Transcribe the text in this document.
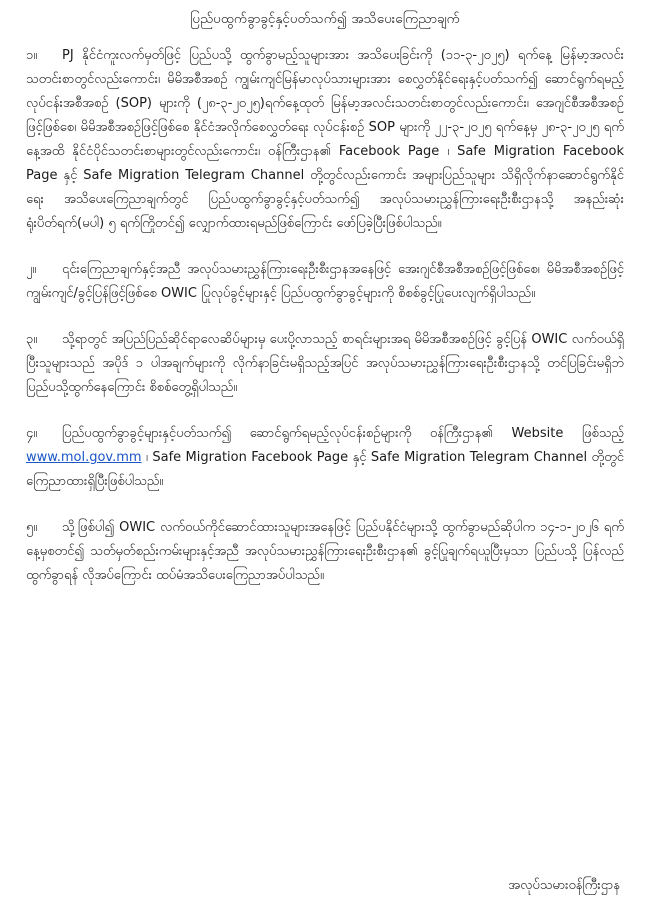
ပြည်ပထွက်ခွာခွင့်နှင့်ပတ်သက်၍ အသိပေးကြေညာချက်

၁။ PJ နိုင်ငံကူးလက်မှတ်ဖြင့် ပြည်ပသို့ ထွက်ခွာမည့်သူများအား အသိပေးခြင်းကို (၁၁-၃-၂၀၂၅) ရက်နေ့ မြန်မာ့အလင်းသတင်းစာတွင်လည်းကောင်း၊ မိမိအစီအစဉ် ကျွမ်းကျင်မြန်မာလုပ်သားများအား စေလွှတ်နိုင်ရေးနှင့်ပတ်သက်၍ ဆောင်ရွက်ရမည့် လုပ်ငန်းအစီအစဉ် (SOP) များကို (၂၈-၃-၂၀၂၅)ရက်နေ့ထုတ် မြန်မာ့အလင်းသတင်းစာတွင်လည်းကောင်း၊ အေဂျင်စီအစီအစဉ်ဖြင့်ဖြစ်စေ၊ မိမိအစီအစဉ်ဖြင့်ဖြစ်စေ နိုင်ငံအလိုက်စေလွှတ်ရေး လုပ်ငန်းစဉ် SOP များကို ၂၂-၃-၂၀၂၅ ရက်နေ့မှ ၂၈-၃-၂၀၂၅ ရက်နေ့အထိ နိုင်ငံပိုင်သတင်းစာများတွင်လည်းကောင်း၊ ဝန်ကြီးဌာန၏ Facebook Page ၊ Safe Migration Facebook Page နှင့် Safe Migration Telegram Channel တို့တွင်လည်းကောင်း အများပြည်သူများ သိရှိလိုက်နာဆောင်ရွက်နိုင်ရေး အသိပေးကြေညာချက်တွင် ပြည်ပထွက်ခွာခွင့်နှင့်ပတ်သက်၍ အလုပ်သမားညွှန်ကြားရေးဦးစီးဌာနသို့ အနည်းဆုံးရုံးပိတ်ရက်(မပါ) ၅ ရက်ကြိုတင်၍ လျှောက်ထားရမည်ဖြစ်ကြောင်း ဖော်ပြခဲ့ပြီးဖြစ်ပါသည်။

၂။ ၎င်းကြေညာချက်နှင့်အညီ အလုပ်သမားညွှန်ကြားရေးဦးစီးဌာနအနေဖြင့် အေးဂျင်စီအစီအစဉ်ဖြင့်ဖြစ်စေ၊ မိမိအစီအစဉ်ဖြင့် ကျွမ်းကျင်/ခွင့်ပြန်ဖြင့်ဖြစ်စေ OWIC ပြုလုပ်ခွင့်များနှင့် ပြည်ပထွက်ခွာခွင့်များကို စိစစ်ခွင့်ပြုပေးလျက်ရှိပါသည်။

၃။ သို့ရာတွင် အပြည်ပြည်ဆိုင်ရာလေဆိပ်များမှ ပေးပို့လာသည့် စာရင်းများအရ မိမိအစီအစဉ်ဖြင့် ခွင့်ပြန် OWIC လက်ဝယ်ရှိပြီးသူများသည် အပိုဒ် ၁ ပါအချက်များကို လိုက်နာခြင်းမရှိသည့်အပြင် အလုပ်သမားညွှန်ကြားရေးဦးစီးဌာနသို့ တင်ပြခြင်းမရှိဘဲ ပြည်ပသို့ထွက်နေကြောင်း စိစစ်တွေ့ရှိပါသည်။

၄။ ပြည်ပထွက်ခွာခွင့်များနှင့်ပတ်သက်၍ ဆောင်ရွက်ရမည့်လုပ်ငန်းစဉ်များကို ဝန်ကြီးဌာန၏ Website ဖြစ်သည့် www.mol.gov.mm ၊ Safe Migration Facebook Page နှင့် Safe Migration Telegram Channel တို့တွင် ကြေညာထားရှိပြီးဖြစ်ပါသည်။

၅။ သို့ဖြစ်ပါ၍ OWIC လက်ဝယ်ကိုင်ဆောင်ထားသူများအနေဖြင့် ပြည်ပနိုင်ငံများသို့ ထွက်ခွာမည်ဆိုပါက ၁၄-၁-၂၀၂၆ ရက်နေ့မှစတင်၍ သတ်မှတ်စည်းကမ်းများနှင့်အညီ အလုပ်သမားညွှန်ကြားရေးဦးစီးဌာန၏ ခွင့်ပြုချက်ရယူပြီးမှသာ ပြည်ပသို့ ပြန်လည်ထွက်ခွာရန် လိုအပ်ကြောင်း ထပ်မံအသိပေးကြေညာအပ်ပါသည်။

အလုပ်သမားဝန်ကြီးဌာန
